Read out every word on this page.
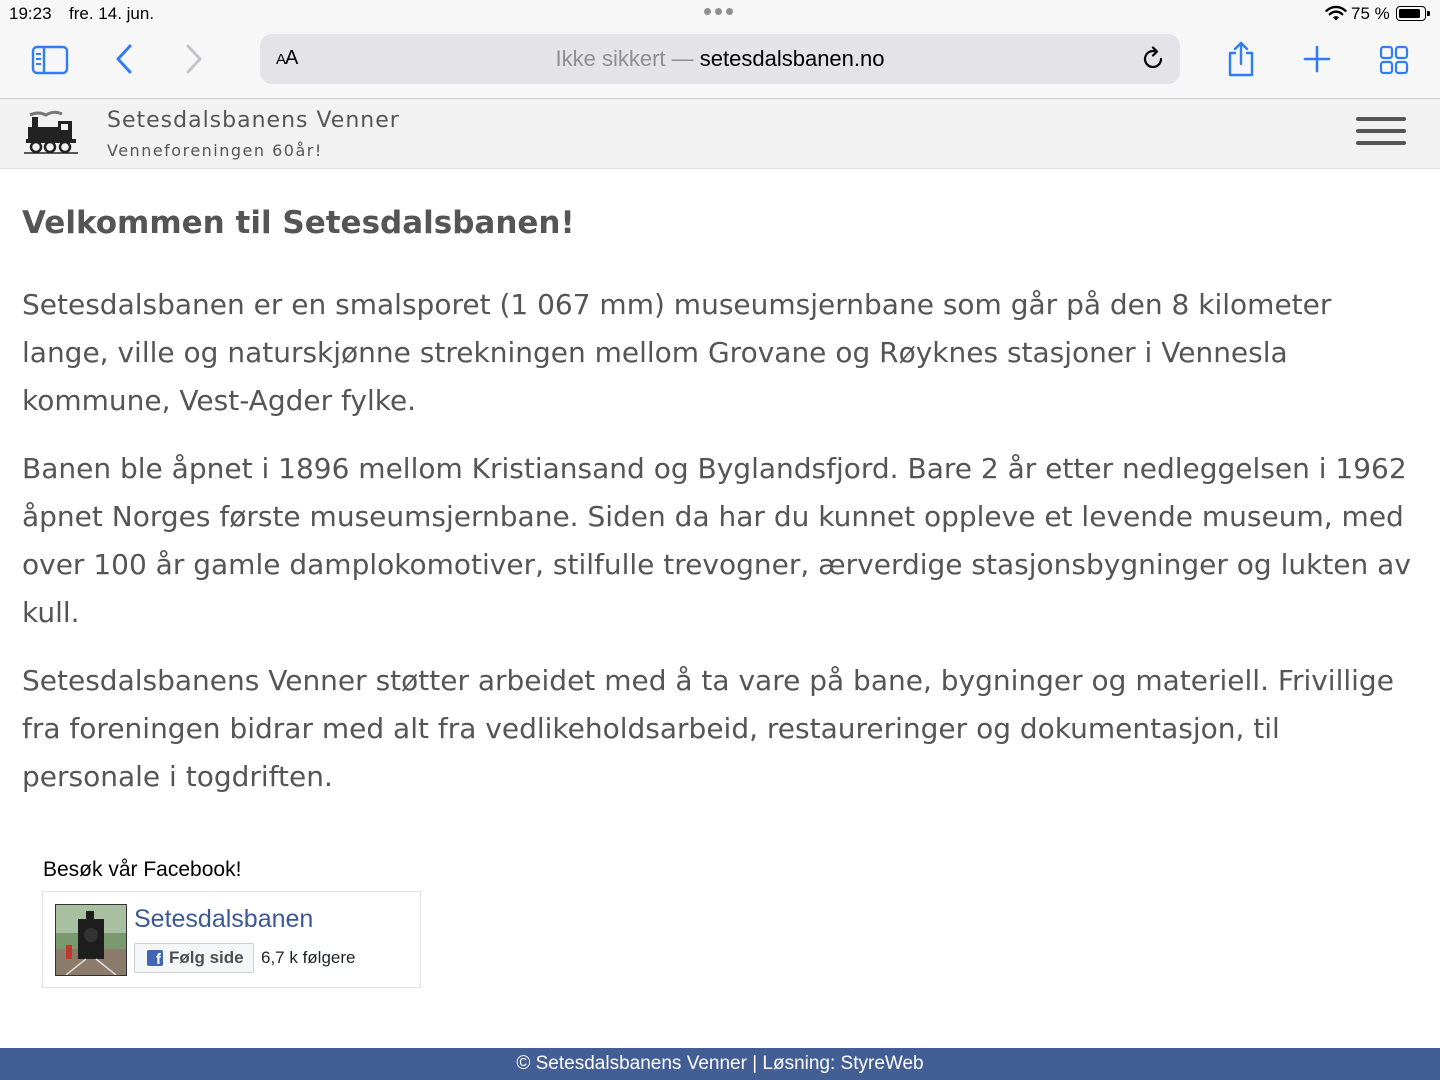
19:23 fre. 14. jun.	75 %
AA	Ikke sikkert — setesdalsbanen.no
Setesdalsbanens Venner
Venneforeningen 60år!
Velkommen til Setesdalsbanen!

Setesdalsbanen er en smalsporet (1 067 mm) museumsjernbane som går på den 8 kilometer lange, ville og naturskjønne strekningen mellom Grovane og Røyknes stasjoner i Vennesla kommune, Vest-Agder fylke.

Banen ble åpnet i 1896 mellom Kristiansand og Byglandsfjord. Bare 2 år etter nedleggelsen i 1962 åpnet Norges første museumsjernbane. Siden da har du kunnet oppleve et levende museum, med over 100 år gamle damplokomotiver, stilfulle trevogner, ærverdige stasjonsbygninger og lukten av kull.

Setesdalsbanens Venner støtter arbeidet med å ta vare på bane, bygninger og materiell. Frivillige fra foreningen bidrar med alt fra vedlikeholdsarbeid, restaureringer og dokumentasjon, til personale i togdriften.

Besøk vår Facebook!
Setesdalsbanen
f
Følg side 6,7 k følgere
© Setesdalsbanens Venner | Løsning: StyreWeb
